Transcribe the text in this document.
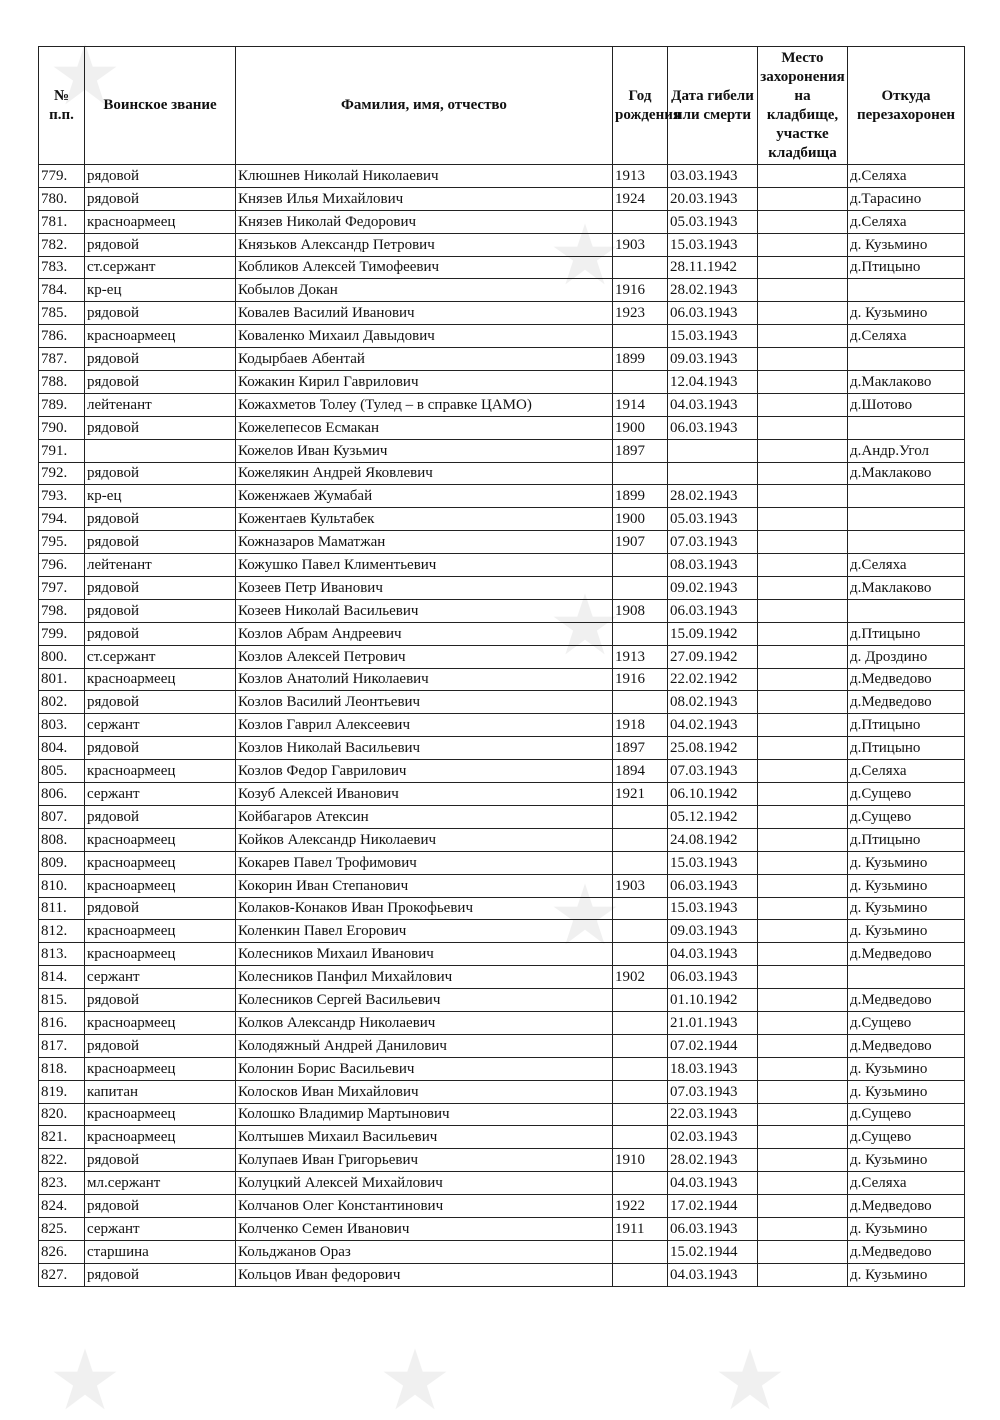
№ п.п.	Воинское звание	Фамилия, имя, отчество	Год рождения	Дата гибели или смерти	Место захоронения на кладбище, участке кладбища	Откуда перезахоронен
779.	рядовой	Клюшнев Николай Николаевич	1913	03.03.1943		д.Селяха
780.	рядовой	Князев Илья Михайлович	1924	20.03.1943		д.Тарасино
781.	красноармеец	Князев Николай Федорович		05.03.1943		д.Селяха
782.	рядовой	Князьков Александр Петрович	1903	15.03.1943		д. Кузьмино
783.	ст.сержант	Кобликов Алексей Тимофеевич		28.11.1942		д.Птицыно
784.	кр-ец	Кобылов Докан	1916	28.02.1943		
785.	рядовой	Ковалев Василий Иванович	1923	06.03.1943		д. Кузьмино
786.	красноармеец	Коваленко Михаил Давыдович		15.03.1943		д.Селяха
787.	рядовой	Кодырбаев Абентай	1899	09.03.1943		
788.	рядовой	Кожакин Кирил Гаврилович		12.04.1943		д.Маклаково
789.	лейтенант	Кожахметов Толеу (Тулед – в справке ЦАМО)	1914	04.03.1943		д.Шотово
790.	рядовой	Кожелепесов Есмакан	1900	06.03.1943		
791.		Кожелов Иван Кузьмич	1897			д.Андр.Угол
792.	рядовой	Кожелякин Андрей Яковлевич				д.Маклаково
793.	кр-ец	Коженжаев Жумабай	1899	28.02.1943		
794.	рядовой	Кожентаев Культабек	1900	05.03.1943		
795.	рядовой	Кожназаров Маматжан	1907	07.03.1943		
796.	лейтенант	Кожушко Павел Климентьевич		08.03.1943		д.Селяха
797.	рядовой	Козеев Петр Иванович		09.02.1943		д.Маклаково
798.	рядовой	Козеев Николай Васильевич	1908	06.03.1943		
799.	рядовой	Козлов Абрам Андреевич		15.09.1942		д.Птицыно
800.	ст.сержант	Козлов Алексей Петрович	1913	27.09.1942		д. Дроздино
801.	красноармеец	Козлов Анатолий Николаевич	1916	22.02.1942		д.Медведово
802.	рядовой	Козлов Василий Леонтьевич		08.02.1943		д.Медведово
803.	сержант	Козлов Гаврил Алексеевич	1918	04.02.1943		д.Птицыно
804.	рядовой	Козлов Николай Васильевич	1897	25.08.1942		д.Птицыно
805.	красноармеец	Козлов Федор Гаврилович	1894	07.03.1943		д.Селяха
806.	сержант	Козуб Алексей Иванович	1921	06.10.1942		д.Сущево
807.	рядовой	Койбагаров Атексин		05.12.1942		д.Сущево
808.	красноармеец	Койков Александр Николаевич		24.08.1942		д.Птицыно
809.	красноармеец	Кокарев Павел Трофимович		15.03.1943		д. Кузьмино
810.	красноармеец	Кокорин Иван Степанович	1903	06.03.1943		д. Кузьмино
811.	рядовой	Колаков-Конаков Иван Прокофьевич		15.03.1943		д. Кузьмино
812.	красноармеец	Коленкин Павел Егорович		09.03.1943		д. Кузьмино
813.	красноармеец	Колесников Михаил Иванович		04.03.1943		д.Медведово
814.	сержант	Колесников Панфил Михайлович	1902	06.03.1943		
815.	рядовой	Колесников Сергей Васильевич		01.10.1942		д.Медведово
816.	красноармеец	Колков Александр Николаевич		21.01.1943		д.Сущево
817.	рядовой	Колодяжный Андрей Данилович		07.02.1944		д.Медведово
818.	красноармеец	Колонин Борис Васильевич		18.03.1943		д. Кузьмино
819.	капитан	Колосков Иван Михайлович		07.03.1943		д. Кузьмино
820.	красноармеец	Колошко Владимир Мартынович		22.03.1943		д.Сущево
821.	красноармеец	Колтышев Михаил Васильевич		02.03.1943		д.Сущево
822.	рядовой	Колупаев Иван Григорьевич	1910	28.02.1943		д. Кузьмино
823.	мл.сержант	Колуцкий Алексей Михайлович		04.03.1943		д.Селяха
824.	рядовой	Колчанов Олег Константинович	1922	17.02.1944		д.Медведово
825.	сержант	Колченко Семен Иванович	1911	06.03.1943		д. Кузьмино
826.	старшина	Кольджанов Ораз		15.02.1944		д.Медведово
827.	рядовой	Кольцов Иван федорович		04.03.1943		д. Кузьмино
